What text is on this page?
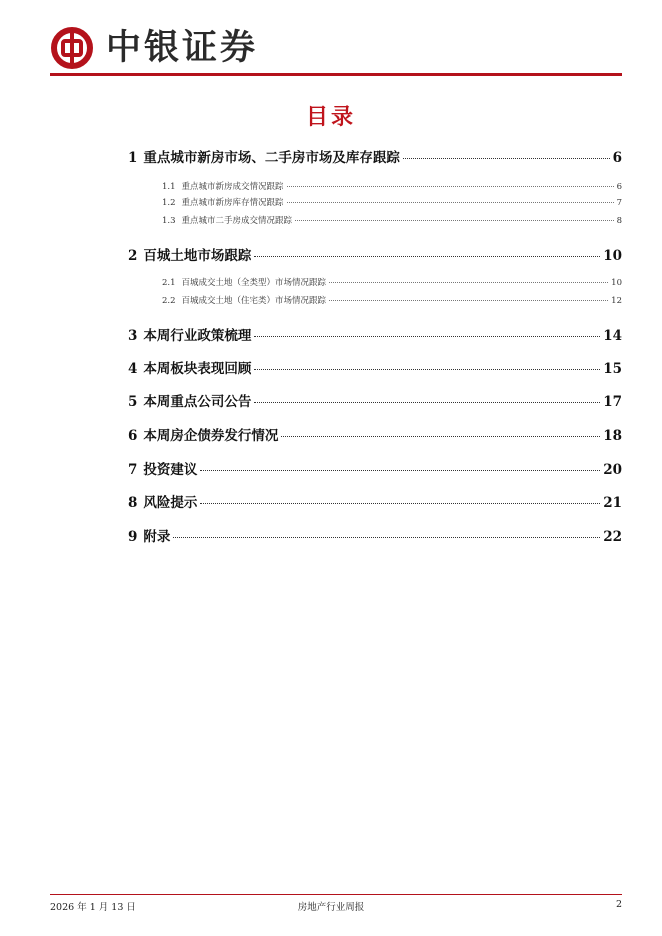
中银证券
目录
1 重点城市新房市场、二手房市场及库存跟踪	6
1.1 重点城市新房成交情况跟踪	6
1.2 重点城市新房库存情况跟踪	7
1.3 重点城市二手房成交情况跟踪	8
2 百城土地市场跟踪	10
2.1 百城成交土地（全类型）市场情况跟踪	10
2.2 百城成交土地（住宅类）市场情况跟踪	12
3 本周行业政策梳理	14
4 本周板块表现回顾	15
5 本周重点公司公告	17
6 本周房企债券发行情况	18
7 投资建议	20
8 风险提示	21
9 附录	22
2026 年 1 月 13 日	房地产行业周报	2
